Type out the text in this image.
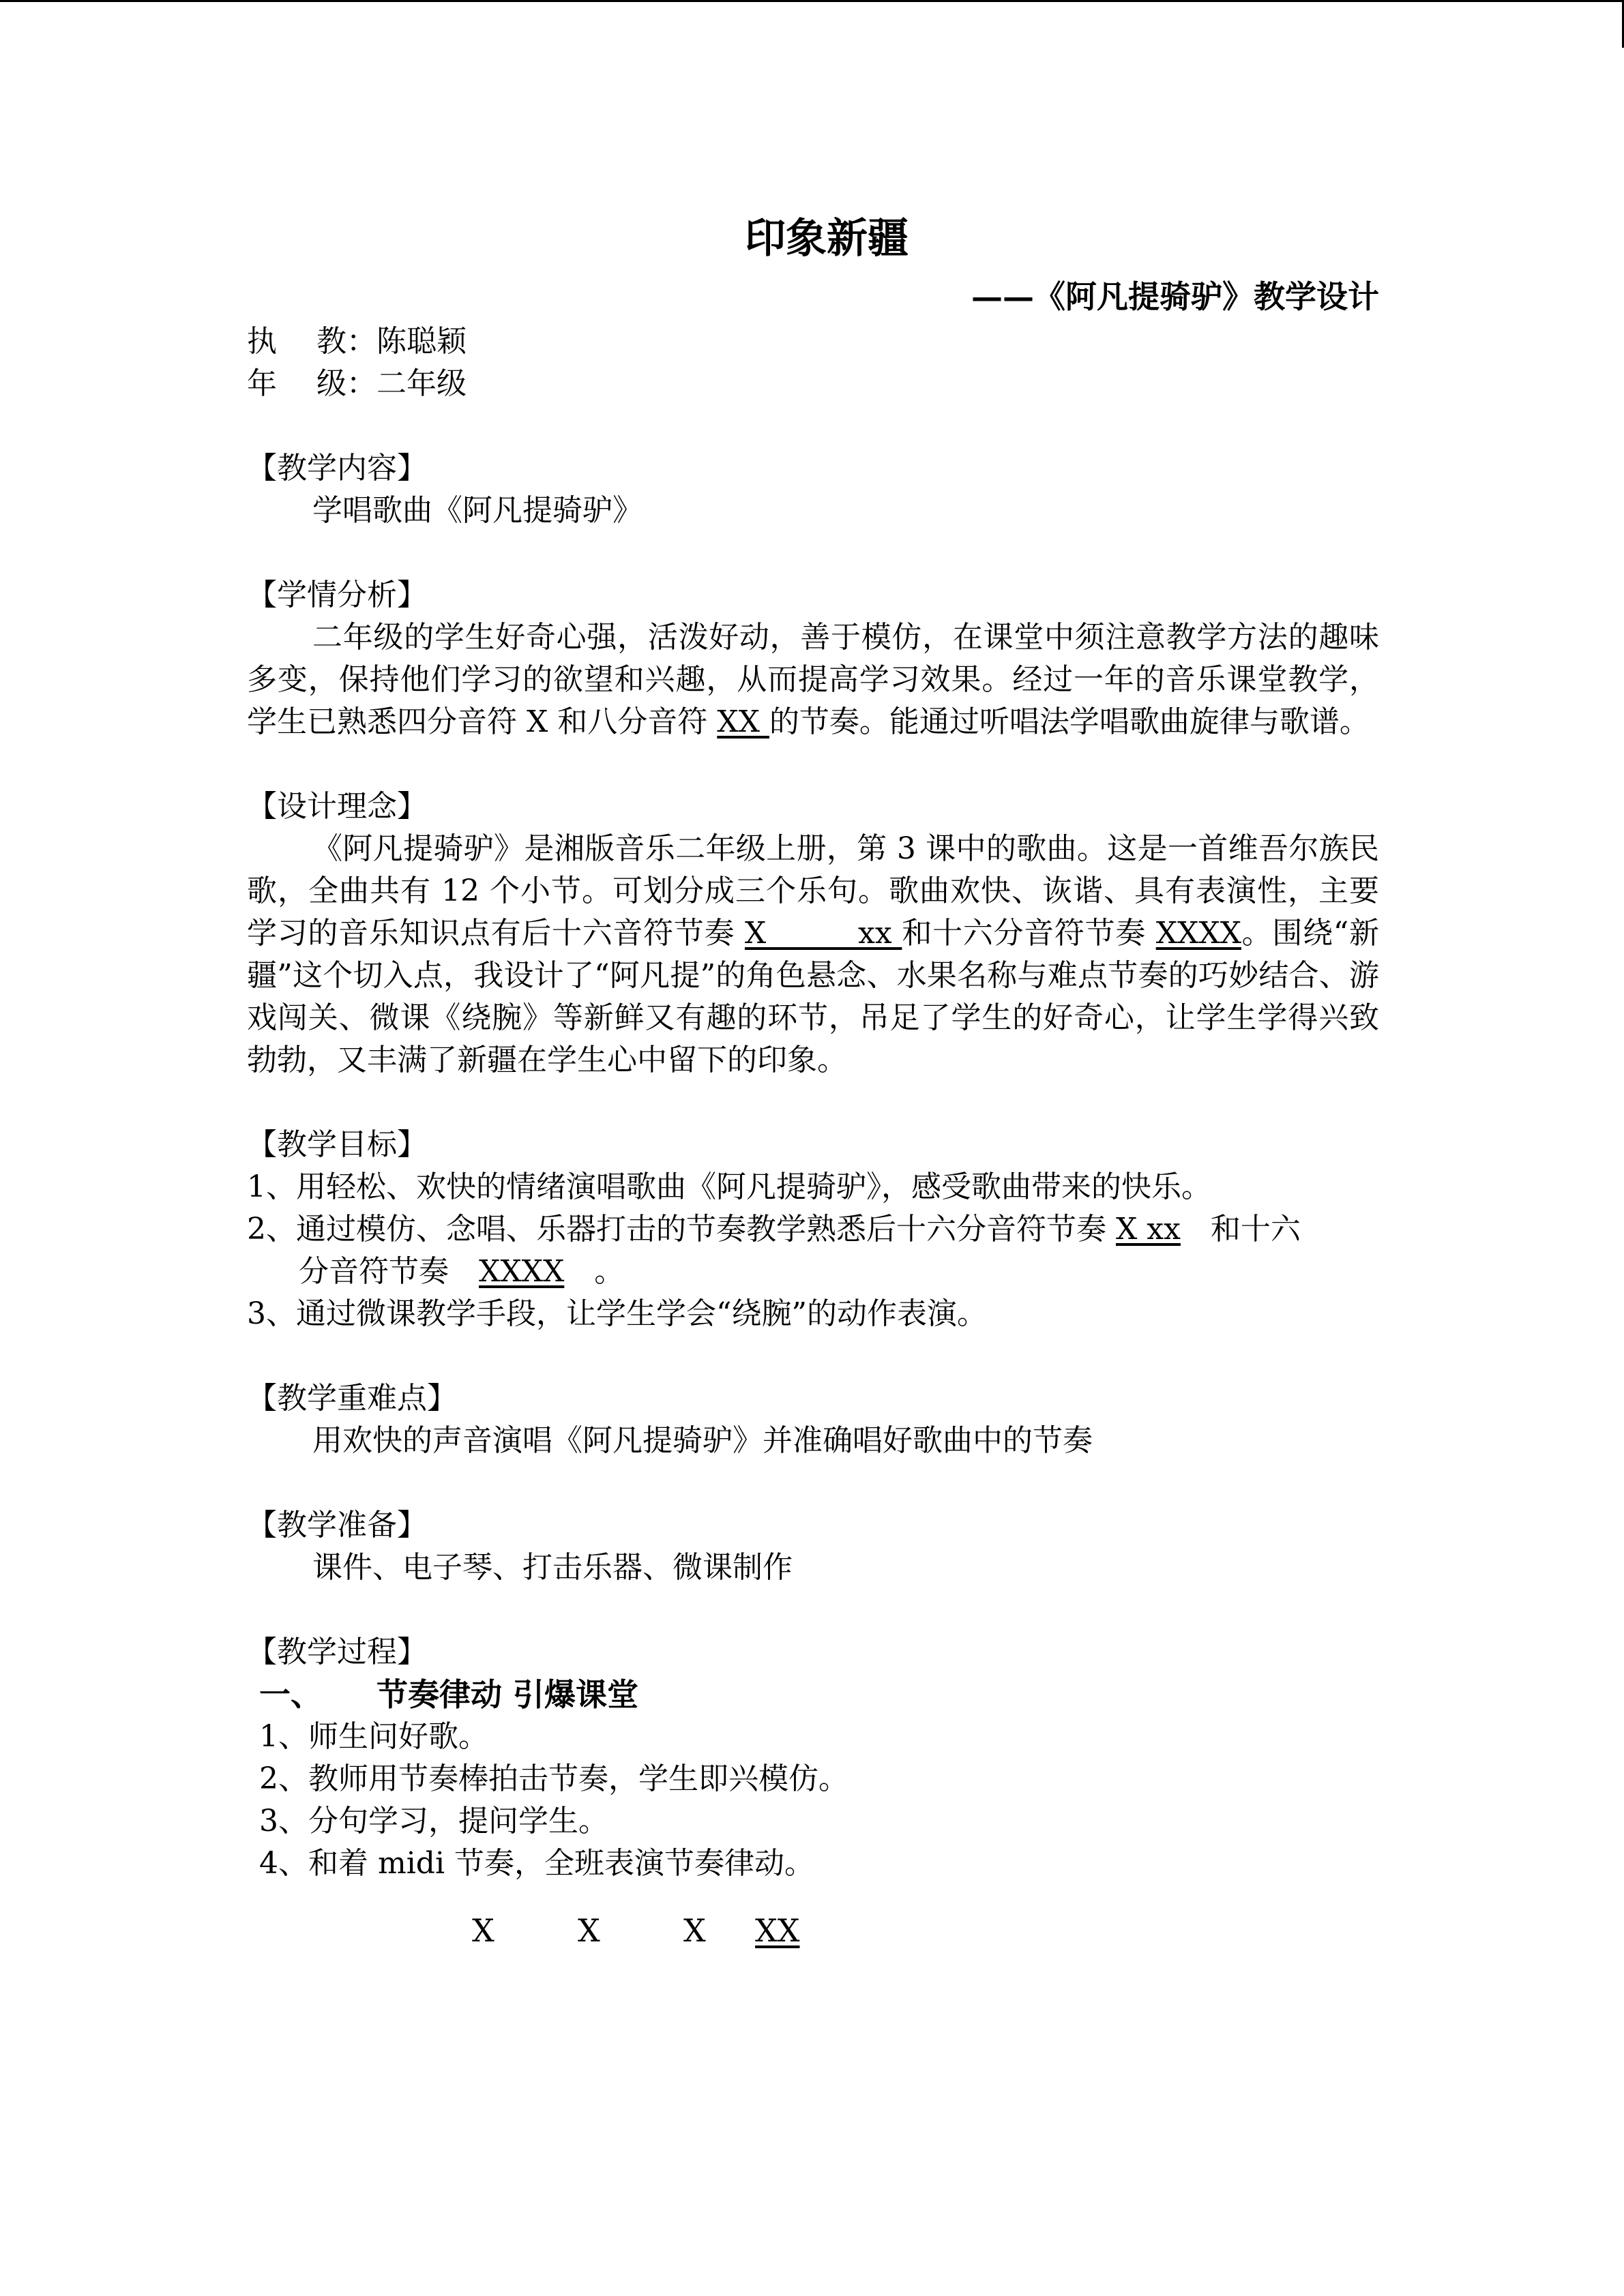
印象新疆
——《阿凡提骑驴》教学设计
执 教： 陈聪颖
年 级： 二年级
【教学内容】
学唱歌曲《阿凡提骑驴》
【学情分析】
二年级的学生好奇心强，活泼好动，善于模仿，在课堂中须注意教学方法的趣味多变，保持他们学习的欲望和兴趣，从而提高学习效果。经过一年的音乐课堂教学，学生已熟悉四分音符 X 和八分音符 XX 的节奏。能通过听唱法学唱歌曲旋律与歌谱。
【设计理念】
《阿凡提骑驴》是湘版音乐二年级上册，第 3 课中的歌曲。这是一首维吾尔族民歌，全曲共有 12 个小节。可划分成三个乐句。歌曲欢快、诙谐、具有表演性，主要学习的音乐知识点有后十六音符节奏 X　　　xx 和十六分音符节奏 XXXX。围绕“新疆”这个切入点，我设计了“阿凡提”的角色悬念、水果名称与难点节奏的巧妙结合、游戏闯关、微课《绕腕》等新鲜又有趣的环节，吊足了学生的好奇心，让学生学得兴致勃勃，又丰满了新疆在学生心中留下的印象。
【教学目标】
1、用轻松、欢快的情绪演唱歌曲《阿凡提骑驴》，感受歌曲带来的快乐。
2、 通过模仿、念唱、乐器打击的节奏教学熟悉后十六分音符节奏 X xx　和十六
分音符节奏　XXXX　。
3、通过微课教学手段，让学生学会“绕腕”的动作表演。
【教学重难点】
用欢快的声音演唱《阿凡提骑驴》并准确唱好歌曲中的节奏
【教学准备】
课件、电子琴、打击乐器、微课制作
【教学过程】
一、 节奏律动 引爆课堂
1、师生问好歌。
2、教师用节奏棒拍击节奏，学生即兴模仿。
3、分句学习，提问学生。
4、和着 midi 节奏，全班表演节奏律动。
X	X	X	XX
